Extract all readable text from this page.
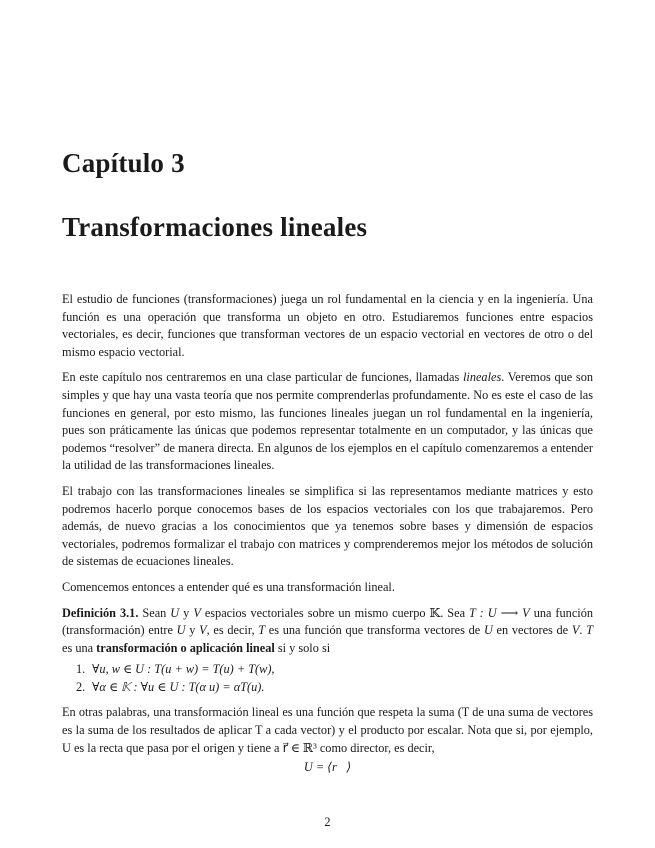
Capítulo 3
Transformaciones lineales

El estudio de funciones (transformaciones) juega un rol fundamental en la ciencia y en la ingeniería. Una función es una operación que transforma un objeto en otro. Estudiaremos funciones entre espacios vectoriales, es decir, funciones que transforman vectores de un espacio vectorial en vectores de otro o del mismo espacio vectorial.

En este capítulo nos centraremos en una clase particular de funciones, llamadas lineales. Veremos que son simples y que hay una vasta teoría que nos permite comprenderlas profundamente. No es este el caso de las funciones en general, por esto mismo, las funciones lineales juegan un rol fundamental en la ingeniería, pues son práticamente las únicas que podemos representar totalmente en un computador, y las únicas que podemos “resolver” de manera directa. En algunos de los ejemplos en el capítulo comenzaremos a entender la utilidad de las transformaciones lineales.

El trabajo con las transformaciones lineales se simplifica si las representamos mediante matrices y esto podremos hacerlo porque conocemos bases de los espacios vectoriales con los que trabajaremos. Pero además, de nuevo gracias a los conocimientos que ya tenemos sobre bases y dimensión de espacios vectoriales, podremos formalizar el trabajo con matrices y comprenderemos mejor los métodos de solución de sistemas de ecuaciones lineales.

Comencemos entonces a entender qué es una transformación lineal.

Definición 3.1. Sean U y V espacios vectoriales sobre un mismo cuerpo 𝕂. Sea T : U ⟶ V una función (transformación) entre U y V, es decir, T es una función que transforma vectores de U en vectores de V. T es una transformación o aplicación lineal si y solo si

1. ∀u, w ∈ U : T(u + w) = T(u) + T(w),
2. ∀α ∈ 𝕂 : ∀u ∈ U : T(α u) = αT(u).

En otras palabras, una transformación lineal es una función que respeta la suma (T de una suma de vectores es la suma de los resultados de aplicar T a cada vector) y el producto por escalar. Nota que si, por ejemplo, U es la recta que pasa por el origen y tiene a r⃗ ∈ ℝ³ como director, es decir,

U = ⟨r⃗⟩

2
